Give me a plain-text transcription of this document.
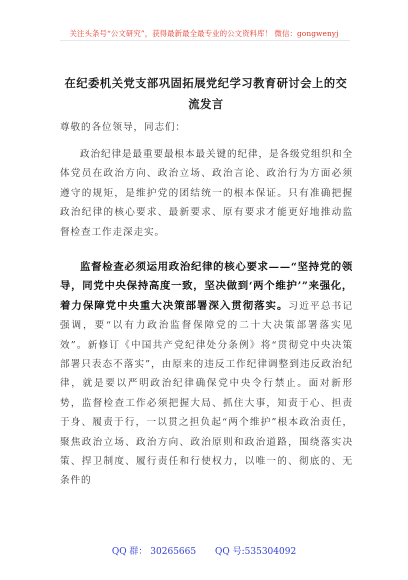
关注头条号“公文研究”，获得最新最全最专业的公文资料库！ 微信：gongwenyj
在纪委机关党支部巩固拓展党纪学习教育研讨会上的交流发言
尊敬的各位领导，同志们：
政治纪律是最重要最根本最关键的纪律，是各级党组织和全体党员在政治方向、政治立场、政治言论、政治行为方面必须遵守的规矩，是维护党的团结统一的根本保证。只有准确把握政治纪律的核心要求、最新要求、原有要求才能更好地推动监督检查工作走深走实。
监督检查必须运用政治纪律的核心要求——“坚持党的领导，同党中央保持高度一致，坚决做到‘两个维护’”来强化，着力保障党中央重大决策部署深入贯彻落实。习近平总书记强调，要“以有力政治监督保障党的二十大决策部署落实见效”。新修订《中国共产党纪律处分条例》将“贯彻党中央决策部署只表态不落实”，由原来的违反工作纪律调整到违反政治纪律，就是要以严明政治纪律确保党中央令行禁止。面对新形势，监督检查工作必须把握大局、抓住大事，知责于心、担责于身、履责于行，一以贯之担负起“两个维护”根本政治责任，聚焦政治立场、政治方向、政治原则和政治道路，围绕落实决策、捍卫制度、履行责任和行使权力，以唯一的、彻底的、无条件的
QQ 群： 30265665 QQ 号:535304092
